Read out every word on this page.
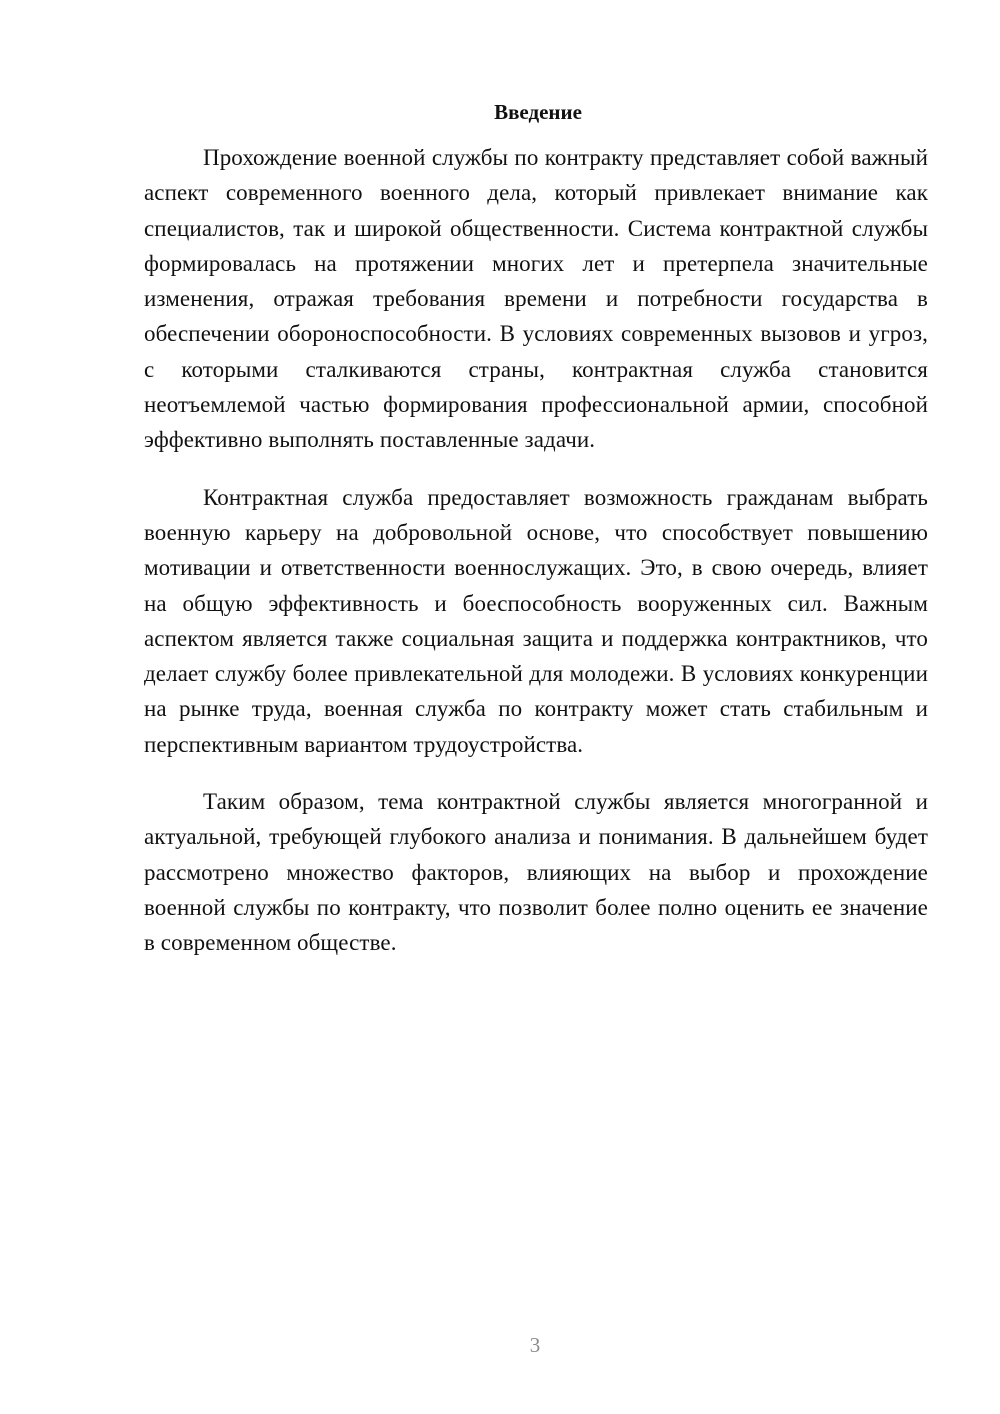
Введение

Прохождение военной службы по контракту представляет собой важный аспект современного военного дела, который привлекает внимание как специалистов, так и широкой общественности. Система контрактной службы формировалась на протяжении многих лет и претерпела значительные изменения, отражая требования времени и потребности государства в обеспечении обороноспособности. В условиях современных вызовов и угроз, с которыми сталкиваются страны, контрактная служба становится неотъемлемой частью формирования профессиональной армии, способной эффективно выполнять поставленные задачи.

Контрактная служба предоставляет возможность гражданам выбрать военную карьеру на добровольной основе, что способствует повышению мотивации и ответственности военнослужащих. Это, в свою очередь, влияет на общую эффективность и боеспособность вооруженных сил. Важным аспектом является также социальная защита и поддержка контрактников, что делает службу более привлекательной для молодежи. В условиях конкуренции на рынке труда, военная служба по контракту может стать стабильным и перспективным вариантом трудоустройства.

Таким образом, тема контрактной службы является многогранной и актуальной, требующей глубокого анализа и понимания. В дальнейшем будет рассмотрено множество факторов, влияющих на выбор и прохождение военной службы по контракту, что позволит более полно оценить ее значение в современном обществе.

3
